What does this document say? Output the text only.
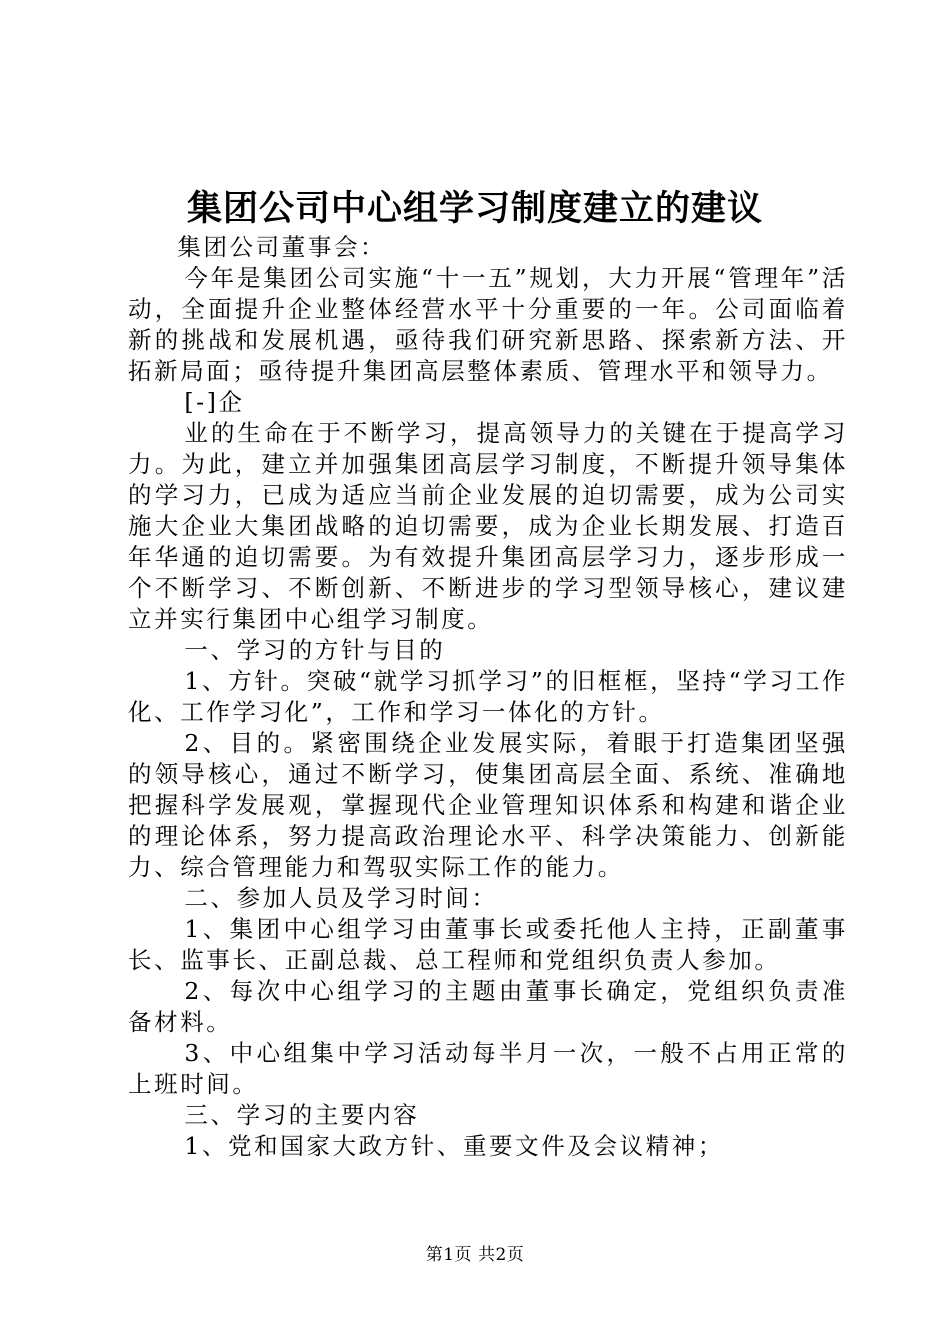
集团公司中心组学习制度建立的建议

集团公司董事会：

今年是集团公司实施“十一五”规划，大力开展“管理年”活动，全面提升企业整体经营水平十分重要的一年。公司面临着新的挑战和发展机遇，亟待我们研究新思路、探索新方法、开拓新局面；亟待提升集团高层整体素质、管理水平和领导力。

[-]企

业的生命在于不断学习，提高领导力的关键在于提高学习力。为此，建立并加强集团高层学习制度，不断提升领导集体的学习力，已成为适应当前企业发展的迫切需要，成为公司实施大企业大集团战略的迫切需要，成为企业长期发展、打造百年华通的迫切需要。为有效提升集团高层学习力，逐步形成一个不断学习、不断创新、不断进步的学习型领导核心，建议建立并实行集团中心组学习制度。

一、学习的方针与目的

1、方针。突破“就学习抓学习”的旧框框，坚持“学习工作化、工作学习化”，工作和学习一体化的方针。

2、目的。紧密围绕企业发展实际，着眼于打造集团坚强的领导核心，通过不断学习，使集团高层全面、系统、准确地把握科学发展观，掌握现代企业管理知识体系和构建和谐企业的理论体系，努力提高政治理论水平、科学决策能力、创新能力、综合管理能力和驾驭实际工作的能力。

二、参加人员及学习时间：

1、集团中心组学习由董事长或委托他人主持，正副董事长、监事长、正副总裁、总工程师和党组织负责人参加。

2、每次中心组学习的主题由董事长确定，党组织负责准备材料。

3、中心组集中学习活动每半月一次，一般不占用正常的上班时间。

三、学习的主要内容

1、党和国家大政方针、重要文件及会议精神；

第1页 共2页
